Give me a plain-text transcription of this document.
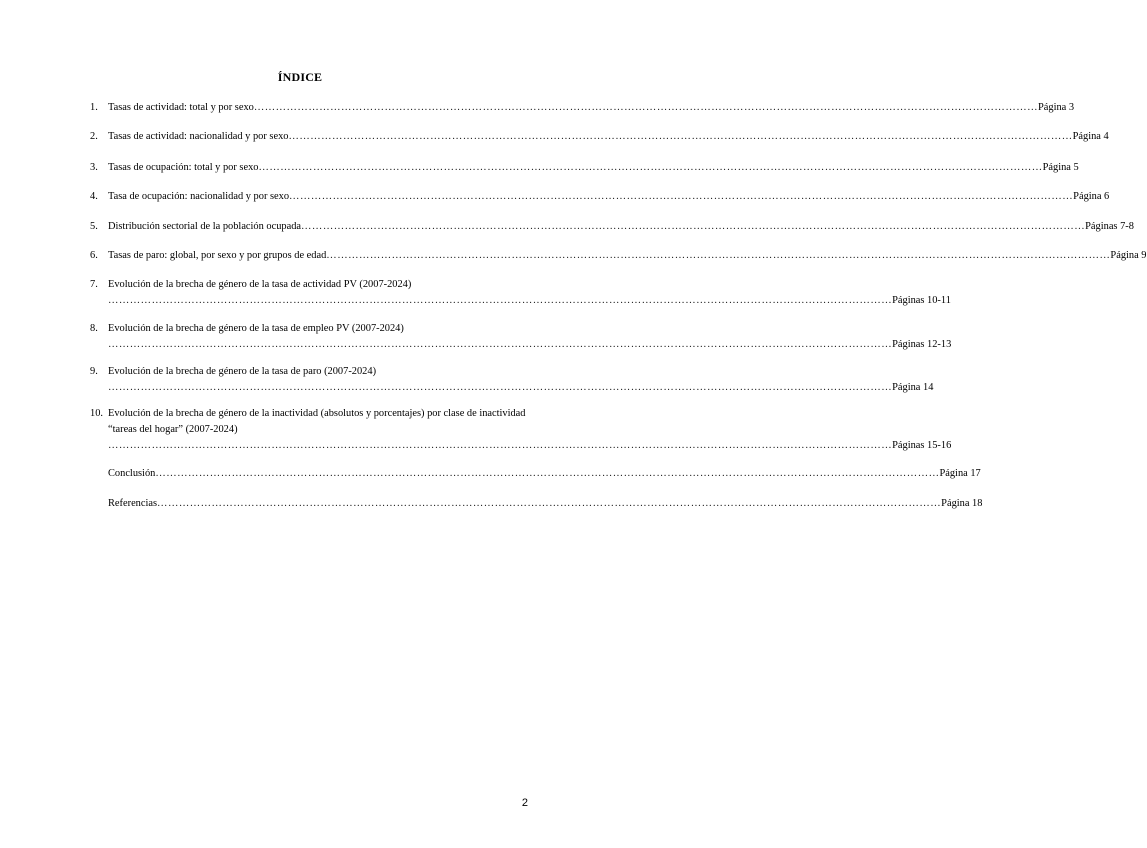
ÍNDICE
1. Tasas de actividad: total y por sexo ……………………………………………………………………………………………………………………………………………………………………………………………… Página 3
2. Tasas de actividad: nacionalidad y por sexo ……………………………………………………………………………………………………………………………………………………………………………………………… Página 4
3. Tasas de ocupación: total y por sexo ……………………………………………………………………………………………………………………………………………………………………………………………… Página 5
4. Tasa de ocupación: nacionalidad y por sexo ……………………………………………………………………………………………………………………………………………………………………………………………… Página 6
5. Distribución sectorial de la población ocupada ……………………………………………………………………………………………………………………………………………………………………………………………… Páginas 7-8
6. Tasas de paro: global, por sexo y por grupos de edad ……………………………………………………………………………………………………………………………………………………………………………………………… Página 9
7. Evolución de la brecha de género de la tasa de actividad PV (2007-2024)
……………………………………………………………………………………………………………………………………………………………………………………………… Páginas 10-11
8. Evolución de la brecha de género de la tasa de empleo PV (2007-2024)
……………………………………………………………………………………………………………………………………………………………………………………………… Páginas 12-13
9. Evolución de la brecha de género de la tasa de paro (2007-2024)
……………………………………………………………………………………………………………………………………………………………………………………………… Página 14
10. Evolución de la brecha de género de la inactividad (absolutos y porcentajes) por clase de inactividad “tareas del hogar” (2007-2024)
……………………………………………………………………………………………………………………………………………………………………………………………… Páginas 15-16
Conclusión ……………………………………………………………………………………………………………………………………………………………………………………………… Página 17
Referencias ……………………………………………………………………………………………………………………………………………………………………………………………… Página 18
2
